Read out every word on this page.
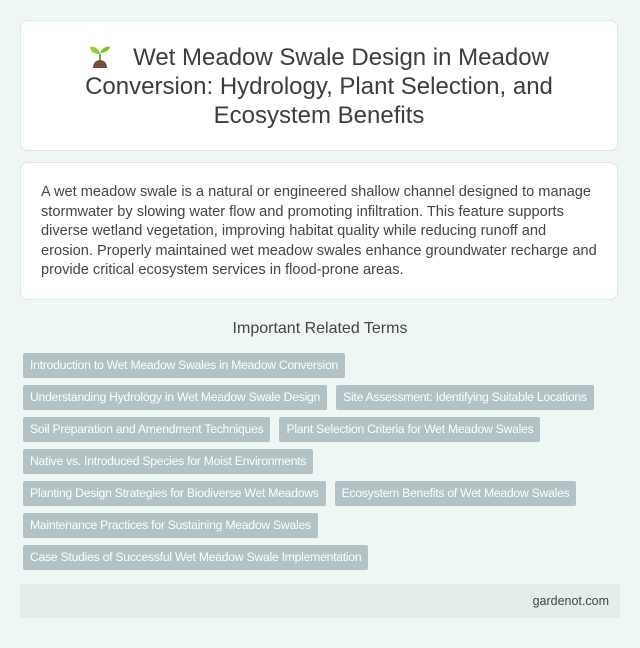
Wet Meadow Swale Design in Meadow Conversion: Hydrology, Plant Selection, and Ecosystem Benefits

A wet meadow swale is a natural or engineered shallow channel designed to manage stormwater by slowing water flow and promoting infiltration. This feature supports diverse wetland vegetation, improving habitat quality while reducing runoff and erosion. Properly maintained wet meadow swales enhance groundwater recharge and provide critical ecosystem services in flood-prone areas.

Important Related Terms
Introduction to Wet Meadow Swales in Meadow Conversion
Understanding Hydrology in Wet Meadow Swale Design	Site Assessment: Identifying Suitable Locations
Soil Preparation and Amendment Techniques	Plant Selection Criteria for Wet Meadow Swales
Native vs. Introduced Species for Moist Environments
Planting Design Strategies for Biodiverse Wet Meadows	Ecosystem Benefits of Wet Meadow Swales
Maintenance Practices for Sustaining Meadow Swales
Case Studies of Successful Wet Meadow Swale Implementation
gardenot.com
